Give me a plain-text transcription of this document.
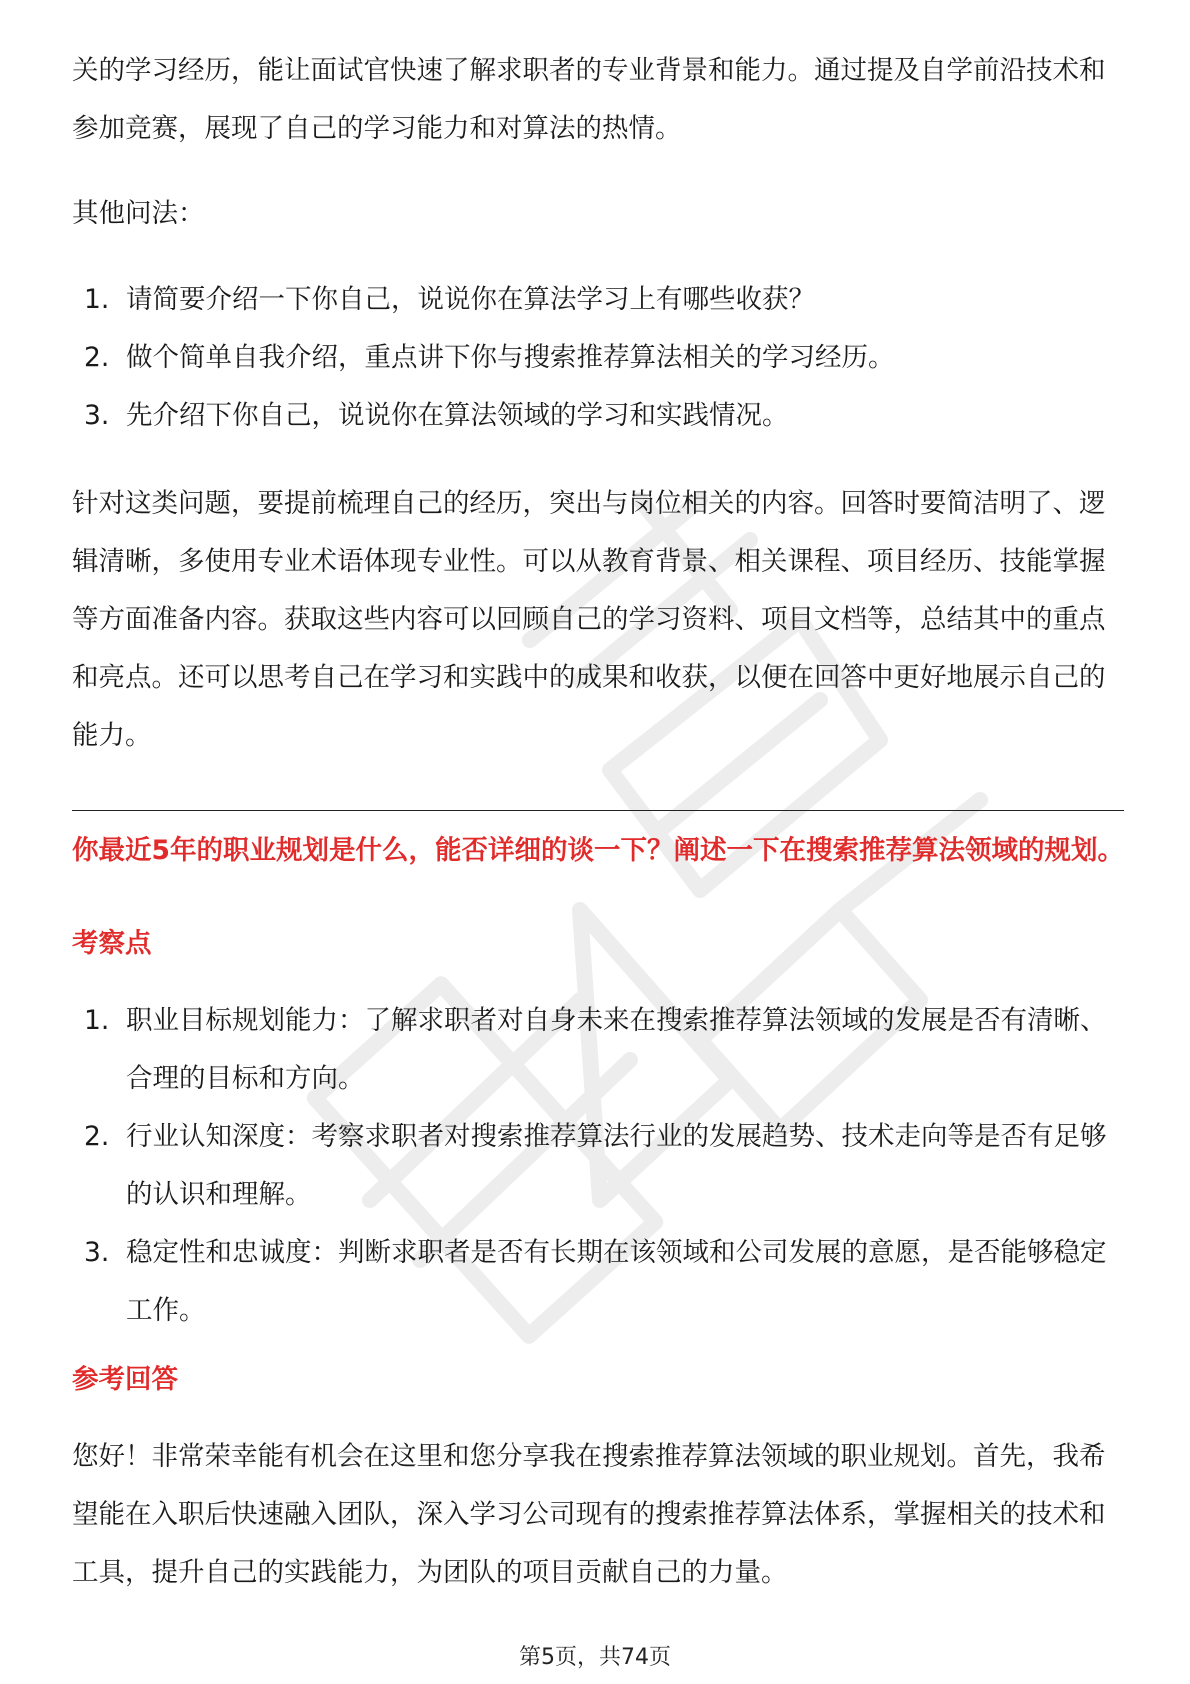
关的学习经历，能让面试官快速了解求职者的专业背景和能力。通过提及自学前沿技术和参加竞赛，展现了自己的学习能力和对算法的热情。

其他问法：

1. 请简要介绍一下你自己，说说你在算法学习上有哪些收获？
2. 做个简单自我介绍，重点讲下你与搜索推荐算法相关的学习经历。
3. 先介绍下你自己，说说你在算法领域的学习和实践情况。

针对这类问题，要提前梳理自己的经历，突出与岗位相关的内容。回答时要简洁明了、逻辑清晰，多使用专业术语体现专业性。可以从教育背景、相关课程、项目经历、技能掌握等方面准备内容。获取这些内容可以回顾自己的学习资料、项目文档等，总结其中的重点和亮点。还可以思考自己在学习和实践中的成果和收获，以便在回答中更好地展示自己的能力。

你最近5年的职业规划是什么，能否详细的谈一下？阐述一下在搜索推荐算法领域的规划。

考察点

1. 职业目标规划能力：了解求职者对自身未来在搜索推荐算法领域的发展是否有清晰、合理的目标和方向。
2. 行业认知深度：考察求职者对搜索推荐算法行业的发展趋势、技术走向等是否有足够的认识和理解。
3. 稳定性和忠诚度：判断求职者是否有长期在该领域和公司发展的意愿，是否能够稳定工作。

参考回答

您好！非常荣幸能有机会在这里和您分享我在搜索推荐算法领域的职业规划。首先，我希望能在入职后快速融入团队，深入学习公司现有的搜索推荐算法体系，掌握相关的技术和工具，提升自己的实践能力，为团队的项目贡献自己的力量。

第5页，共74页
